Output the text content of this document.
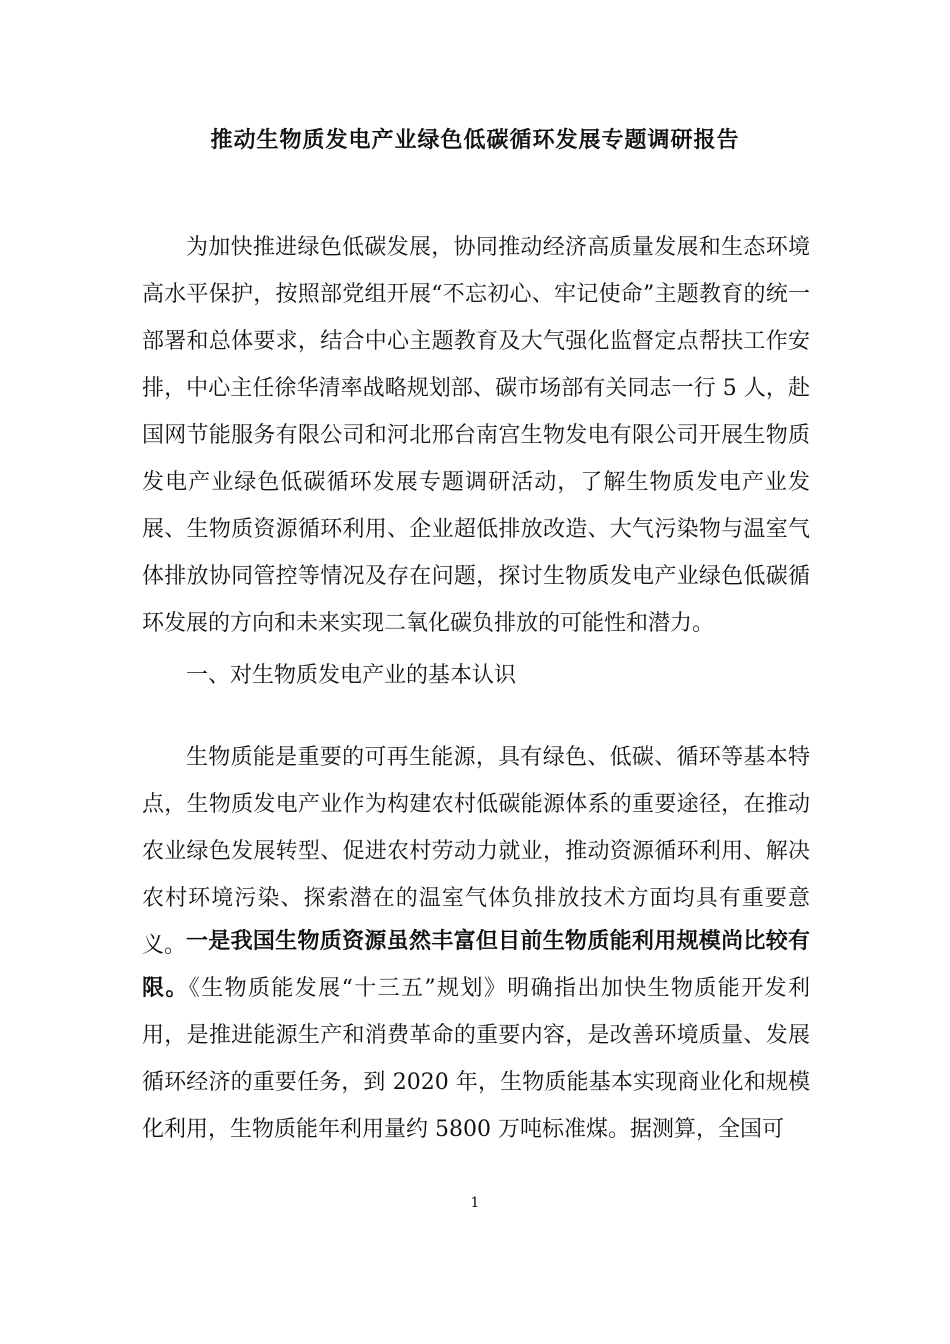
推动生物质发电产业绿色低碳循环发展专题调研报告

为加快推进绿色低碳发展，协同推动经济高质量发展和生态环境高水平保护，按照部党组开展“不忘初心、牢记使命”主题教育的统一部署和总体要求，结合中心主题教育及大气强化监督定点帮扶工作安排，中心主任徐华清率战略规划部、碳市场部有关同志一行 5 人，赴国网节能服务有限公司和河北邢台南宫生物发电有限公司开展生物质发电产业绿色低碳循环发展专题调研活动，了解生物质发电产业发展、生物质资源循环利用、企业超低排放改造、大气污染物与温室气体排放协同管控等情况及存在问题，探讨生物质发电产业绿色低碳循环发展的方向和未来实现二氧化碳负排放的可能性和潜力。

一、对生物质发电产业的基本认识

生物质能是重要的可再生能源，具有绿色、低碳、循环等基本特点，生物质发电产业作为构建农村低碳能源体系的重要途径，在推动农业绿色发展转型、促进农村劳动力就业，推动资源循环利用、解决农村环境污染、探索潜在的温室气体负排放技术方面均具有重要意义。 一是我国生物质资源虽然丰富但目前生物质能利用规模尚比较有限。《生物质能发展“十三五”规划》明确指出加快生物质能开发利用，是推进能源生产和消费革命的重要内容，是改善环境质量、发展循环经济的重要任务，到 2020 年，生物质能基本实现商业化和规模化利用，生物质能年利用量约 5800 万吨标准煤。据测算，全国可

1
